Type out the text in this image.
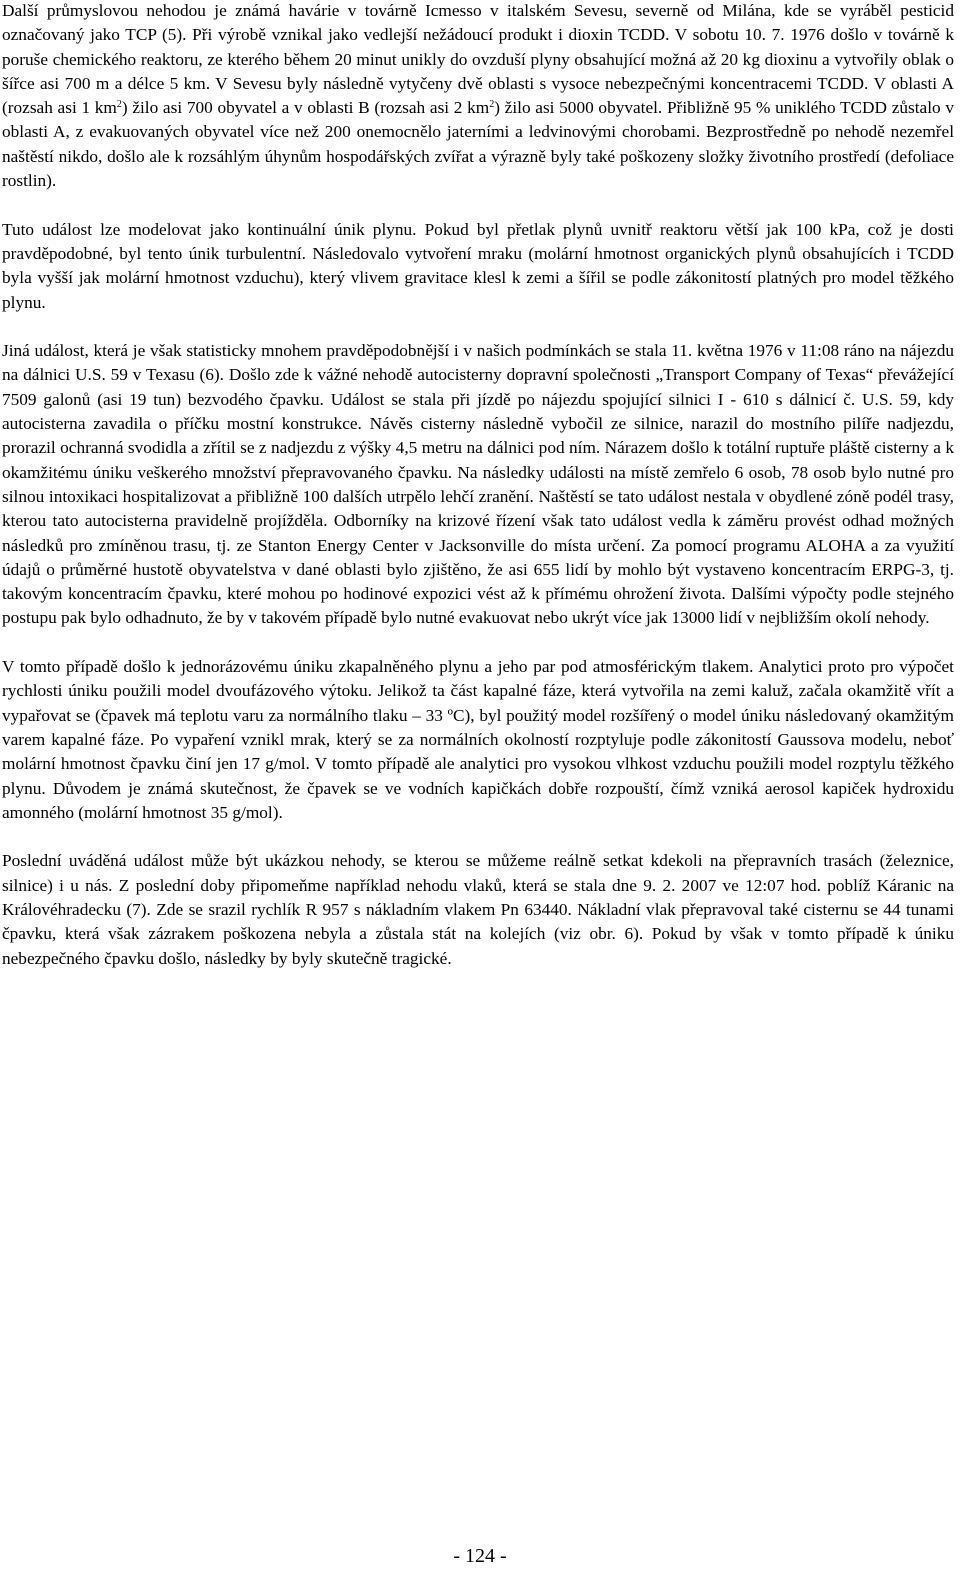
Další průmyslovou nehodou je známá havárie v továrně Icmesso v italském Sevesu, severně od Milána, kde se vyráběl pesticid označovaný jako TCP (5). Při výrobě vznikal jako vedlejší nežádoucí produkt i dioxin TCDD. V sobotu 10. 7. 1976 došlo v továrně k poruše chemického reaktoru, ze kterého během 20 minut unikly do ovzduší plyny obsahující možná až 20 kg dioxinu a vytvořily oblak o šířce asi 700 m a délce 5 km. V Sevesu byly následně vytyčeny dvě oblasti s vysoce nebezpečnými koncentracemi TCDD. V oblasti A (rozsah asi 1 $km^2$) žilo asi 700 obyvatel a v oblasti B (rozsah asi 2 $km^2$) žilo asi 5000 obyvatel. Přibližně 95 % uniklého TCDD zůstalo v oblasti A, z evakuovaných obyvatel více než 200 onemocnělo jaterními a ledvinovými chorobami. Bezprostředně po nehodě nezemřel naštěstí nikdo, došlo ale k rozsáhlým úhynům hospodářských zvířat a výrazně byly také poškozeny složky životního prostředí (defoliace rostlin).

Tuto událost lze modelovat jako kontinuální únik plynu. Pokud byl přetlak plynů uvnitř reaktoru větší jak 100 kPa, což je dosti pravděpodobné, byl tento únik turbulentní. Následovalo vytvoření mraku (molární hmotnost organických plynů obsahujících i TCDD byla vyšší jak molární hmotnost vzduchu), který vlivem gravitace klesl k zemi a šířil se podle zákonitostí platných pro model těžkého plynu.

Jiná událost, která je však statisticky mnohem pravděpodobnější i v našich podmínkách se stala 11. května 1976 v 11:08 ráno na nájezdu na dálnici U.S. 59 v Texasu (6). Došlo zde k vážné nehodě autocisterny dopravní společnosti „Transport Company of Texas“ převážející 7509 galonů (asi 19 tun) bezvodého čpavku. Událost se stala při jízdě po nájezdu spojující silnici I - 610 s dálnicí č. U.S. 59, kdy autocisterna zavadila o příčku mostní konstrukce. Návěs cisterny následně vybočil ze silnice, narazil do mostního pilíře nadjezdu, prorazil ochranná svodidla a zřítil se z nadjezdu z výšky 4,5 metru na dálnici pod ním. Nárazem došlo k totální ruptuře pláště cisterny a k okamžitému úniku veškerého množství přepravovaného čpavku. Na následky události na místě zemřelo 6 osob, 78 osob bylo nutné pro silnou intoxikaci hospitalizovat a přibližně 100 dalších utrpělo lehčí zranění. Naštěstí se tato událost nestala v obydlené zóně podél trasy, kterou tato autocisterna pravidelně projížděla. Odborníky na krizové řízení však tato událost vedla k záměru provést odhad možných následků pro zmíněnou trasu, tj. ze Stanton Energy Center v Jacksonville do místa určení. Za pomocí programu ALOHA a za využití údajů o průměrné hustotě obyvatelstva v dané oblasti bylo zjištěno, že asi 655 lidí by mohlo být vystaveno koncentracím ERPG-3, tj. takovým koncentracím čpavku, které mohou po hodinové expozici vést až k přímému ohrožení života. Dalšími výpočty podle stejného postupu pak bylo odhadnuto, že by v takovém případě bylo nutné evakuovat nebo ukrýt více jak 13000 lidí v nejbližším okolí nehody.

V tomto případě došlo k jednorázovému úniku zkapalněného plynu a jeho par pod atmosférickým tlakem. Analytici proto pro výpočet rychlosti úniku použili model dvoufázového výtoku. Jelikož ta část kapalné fáze, která vytvořila na zemi kaluž, začala okamžitě vřít a vypařovat se (čpavek má teplotu varu za normálního tlaku – 33 ºC), byl použitý model rozšířený o model úniku následovaný okamžitým varem kapalné fáze. Po vypaření vznikl mrak, který se za normálních okolností rozptyluje podle zákonitostí Gaussova modelu, neboť molární hmotnost čpavku činí jen 17 g/mol. V tomto případě ale analytici pro vysokou vlhkost vzduchu použili model rozptylu těžkého plynu. Důvodem je známá skutečnost, že čpavek se ve vodních kapičkách dobře rozpouští, čímž vzniká aerosol kapiček hydroxidu amonného (molární hmotnost 35 g/mol).

Poslední uváděná událost může být ukázkou nehody, se kterou se můžeme reálně setkat kdekoli na přepravních trasách (železnice, silnice) i u nás. Z poslední doby připomeňme například nehodu vlaků, která se stala dne 9. 2. 2007 ve 12:07 hod. poblíž Káranic na Královéhradecku (7). Zde se srazil rychlík R 957 s nákladním vlakem Pn 63440. Nákladní vlak přepravoval také cisternu se 44 tunami čpavku, která však zázrakem poškozena nebyla a zůstala stát na kolejích (viz obr. 6). Pokud by však v tomto případě k úniku nebezpečného čpavku došlo, následky by byly skutečně tragické.

- 124 -
